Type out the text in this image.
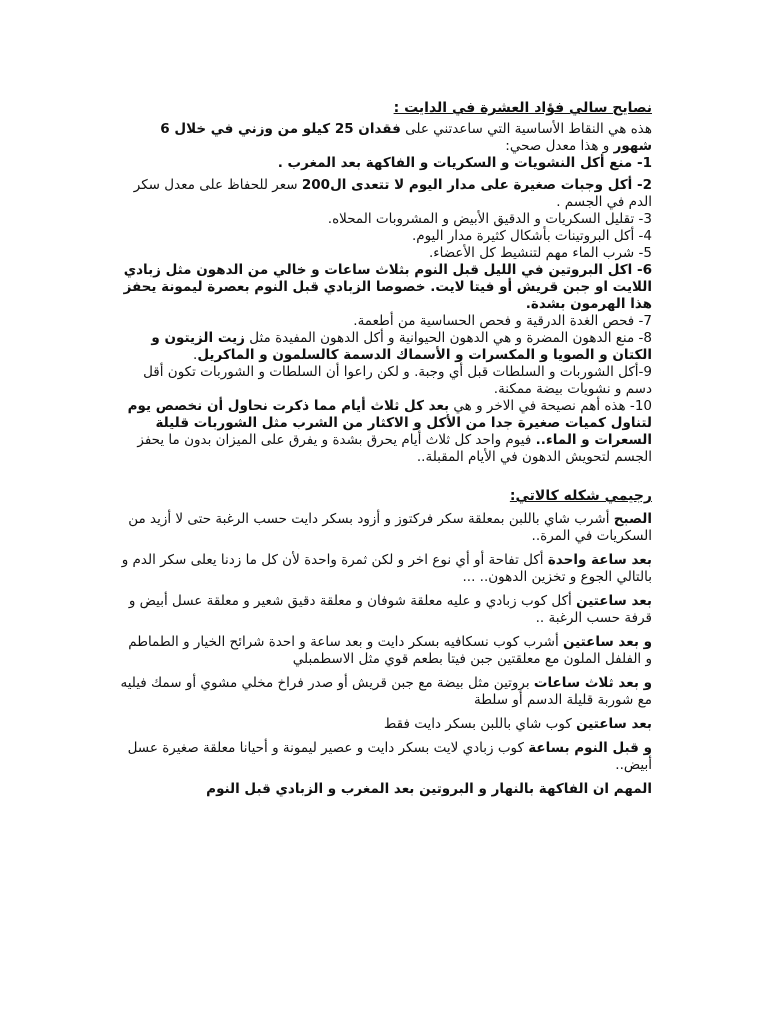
نصايح سالي فؤاد العشرة في الدايت :

هذه هي النقاط الأساسية التي ساعدتني على فقدان 25 كيلو من وزني في خلال 6 شهور و هذا معدل صحي:

1- منع أكل النشويات و السكريات و الفاكهة بعد المغرب .

2- أكل وجبات صغيرة على مدار اليوم لا تتعدى ال200 سعر للحفاظ على معدل سكر الدم في الجسم .

3- تقليل السكريات و الدقيق الأبيض و المشروبات المحلاه.

4- أكل البروتينات بأشكال كثيرة مدار اليوم.

5- شرب الماء مهم لتنشيط كل الأعضاء.

6- اكل البروتين في الليل قبل النوم بثلاث ساعات و خالي من الدهون مثل زبادي اللايت او جبن قريش أو فيتا لايت. خصوصا الزبادي قبل النوم بعصرة ليمونة يحفز هذا الهرمون بشدة.

7- فحص الغدة الدرقية و فحص الحساسية من أطعمة.

8- منع الدهون المضرة و هي الدهون الحيوانية و أكل الدهون المفيدة مثل زيت الزيتون و الكتان و الصويا و المكسرات و الأسماك الدسمة كالسلمون و الماكريل.

9-أكل الشوربات و السلطات قبل أي وجبة. و لكن راعوا أن السلطات و الشوربات تكون أقل دسم و نشويات بيضة ممكنة.

10- هذه أهم نصيحة في الاخر و هي بعد كل ثلاث أيام مما ذكرت نحاول أن نخصص يوم لتناول كميات صغيرة جدا من الأكل و الاكثار من الشرب مثل الشوربات قليلة السعرات و الماء.. فيوم واحد كل ثلاث أيام يحرق بشدة و يفرق على الميزان بدون ما يحفز الجسم لتحويش الدهون في الأيام المقبلة..

رجيمي شكله كالاتي:

الصبح أشرب شاي باللبن بمعلقة سكر فركتوز و أزود بسكر دايت حسب الرغبة حتى لا أزيد من السكريات في المرة..

بعد ساعة واحدة أكل تفاحة أو أي نوع اخر و لكن ثمرة واحدة لأن كل ما زدنا يعلى سكر الدم و بالتالي الجوع و تخزين الدهون.. ...

بعد ساعتين أكل كوب زبادي و عليه معلقة شوفان و معلقة دقيق شعير و معلقة عسل أبيض و قرفة حسب الرغبة ..

و بعد ساعتين أشرب كوب نسكافيه بسكر دايت و بعد ساعة و احدة شرائح الخيار و الطماطم و الفلفل الملون مع معلقتين جبن فيتا بطعم قوي مثل الاسطمبلي

و بعد ثلاث ساعات بروتين مثل بيضة مع جبن قريش أو صدر فراخ مخلي مشوي أو سمك فيليه مع شوربة قليلة الدسم أو سلطة

بعد ساعتين كوب شاي باللبن بسكر دايت فقط

و قبل النوم بساعة كوب زبادي لايت بسكر دايت و عصير ليمونة و أحيانا معلقة صغيرة عسل أبيض..

المهم ان الفاكهة بالنهار و البروتين بعد المغرب و الزبادي قبل النوم
